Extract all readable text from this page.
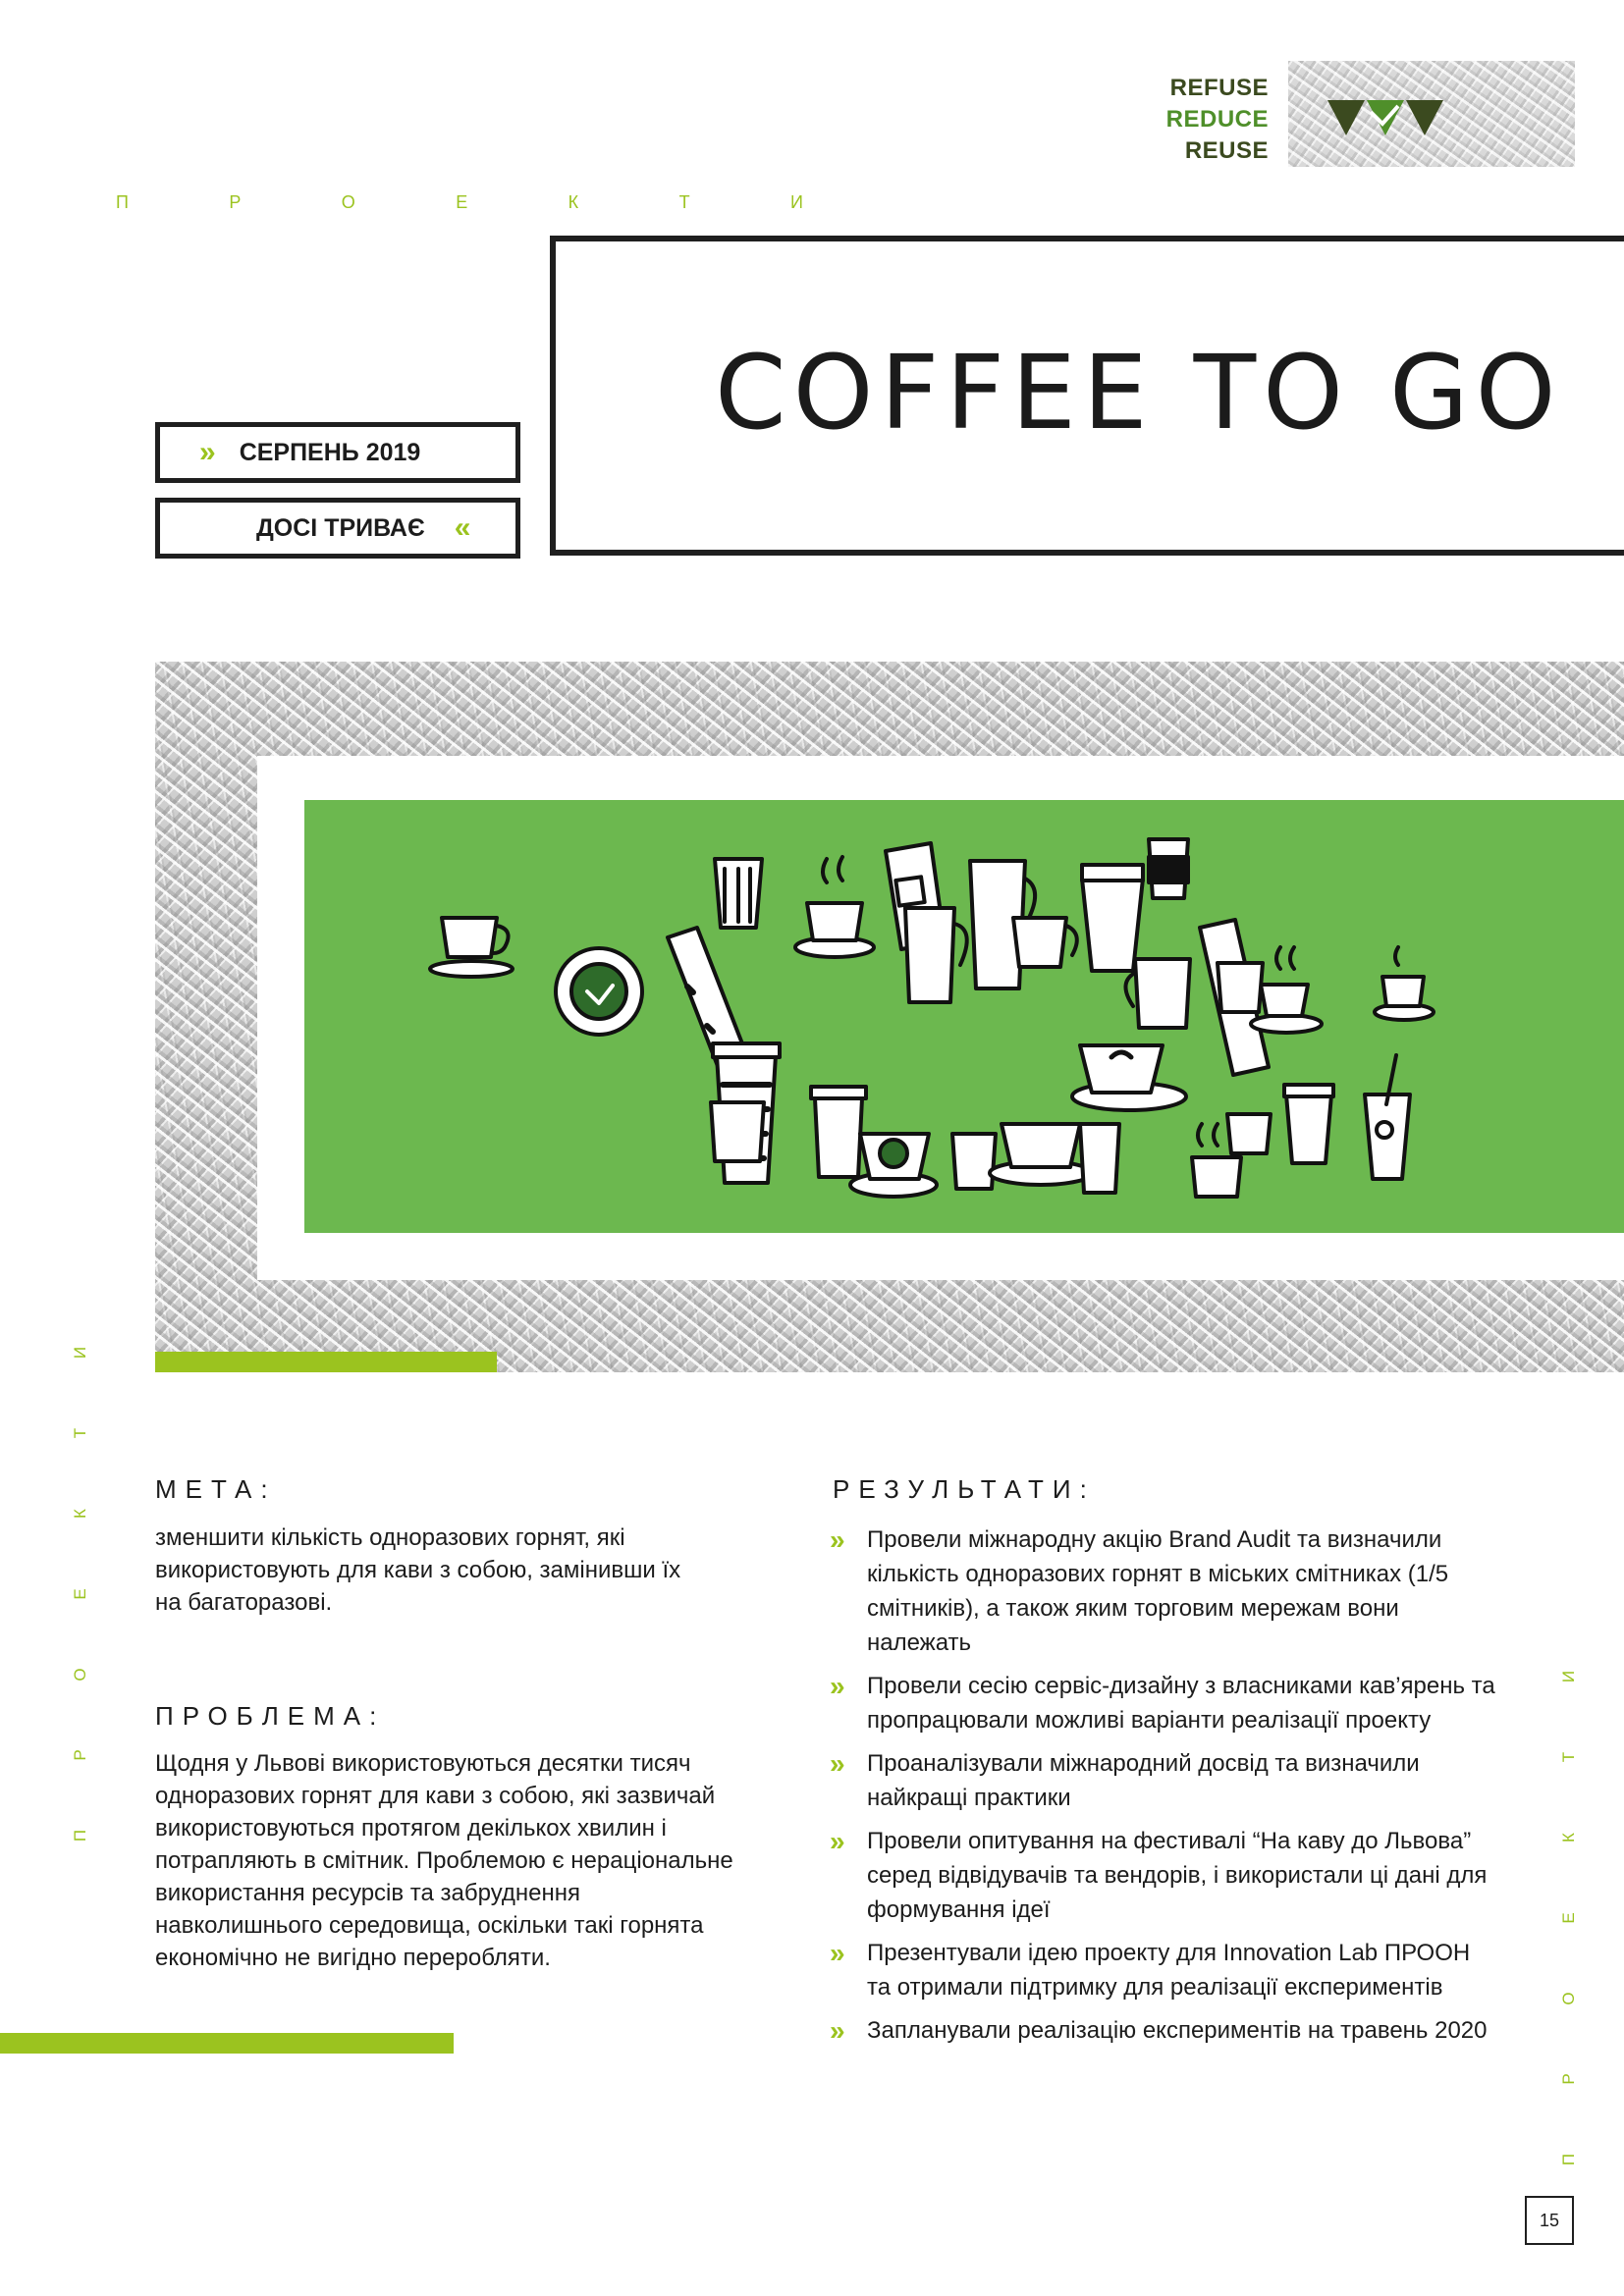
REFUSE
REDUCE
REUSE
П	Р	О	Е	К	Т	И
П
Р
О
Е
К
Т
И
П
Р
О
Е
К
Т
И
COFFEE TO GO
» СЕРПЕНЬ 2019
ДОСІ ТРИВАЄ «
МЕТА:

зменшити кількість одноразових горнят, які використовують для кави з собою, замінивши їх на багаторазові.

ПРОБЛЕМА:

Щодня у Львові використовуються десятки тисяч одноразових горнят для кави з собою, які зазвичай використовуються протягом декількох хвилин і потрапляють в смітник. Проблемою є нераціональне використання ресурсів та забруднення навколишнього середовища, оскільки такі горнята економічно не вигідно переробляти.

РЕЗУЛЬТАТИ:
» Провели міжнародну акцію Brand Audit та визначили кількість одноразових горнят в міських смітниках (1/5 смітників), а також яким торговим мережам вони належать
» Провели сесію сервіс-дизайну з власниками кав’ярень та пропрацювали можливі варіанти реалізації проекту
» Проаналізували міжнародний досвід та визначили найкращі практики
» Провели опитування на фестивалі “На каву до Львова” серед відвідувачів та вендорів, і використали ці дані для формування ідеї
» Презентували ідею проекту для Innovation Lab ПРООН та отримали підтримку для реалізації експериментів
» Запланували реалізацію експериментів на травень 2020
15
